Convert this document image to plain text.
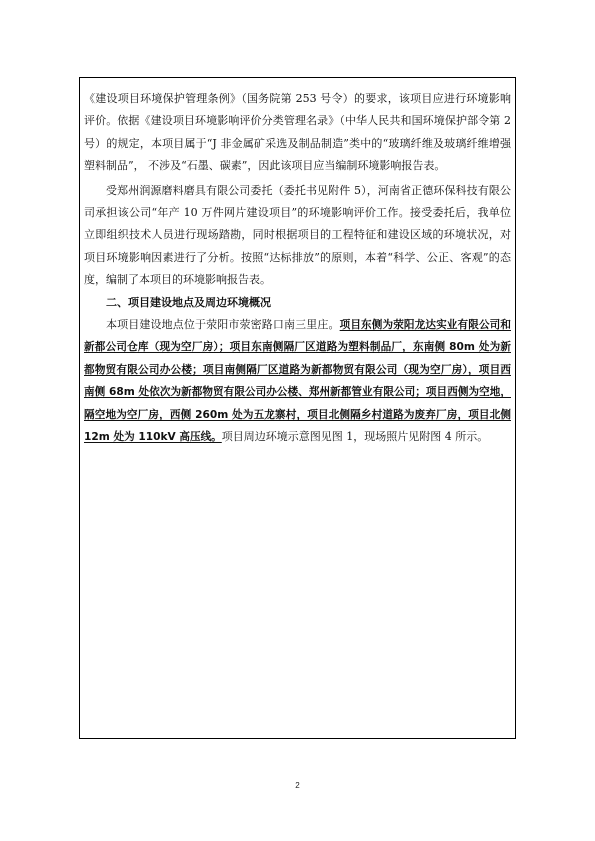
《建设项目环境保护管理条例》（国务院第 253 号令）的要求，该项目应进行环境影响评价。依据《建设项目环境影响评价分类管理名录》（中华人民共和国环境保护部令第 2 号）的规定，本项目属于“J 非金属矿采选及制品制造”类中的“玻璃纤维及玻璃纤维增强塑料制品”， 不涉及“石墨、碳素”，因此该项目应当编制环境影响报告表。

受郑州润源磨料磨具有限公司委托（委托书见附件 5），河南省正德环保科技有限公司承担该公司“年产 10 万件网片建设项目”的环境影响评价工作。接受委托后，我单位立即组织技术人员进行现场踏勘，同时根据项目的工程特征和建设区域的环境状况，对项目环境影响因素进行了分析。按照“达标排放”的原则，本着“科学、公正、客观”的态度，编制了本项目的环境影响报告表。

二、项目建设地点及周边环境概况

本项目建设地点位于荥阳市荥密路口南三里庄。项目东侧为荥阳龙达实业有限公司和新都公司仓库（现为空厂房）；项目东南侧隔厂区道路为塑料制品厂，东南侧 80m 处为新都物贸有限公司办公楼；项目南侧隔厂区道路为新都物贸有限公司（现为空厂房），项目西南侧 68m 处依次为新都物贸有限公司办公楼、郑州新都管业有限公司；项目西侧为空地，隔空地为空厂房，西侧 260m 处为五龙寨村，项目北侧隔乡村道路为废弃厂房，项目北侧 12m 处为 110kV 高压线。项目周边环境示意图见图 1，现场照片见附图 4 所示。

2
